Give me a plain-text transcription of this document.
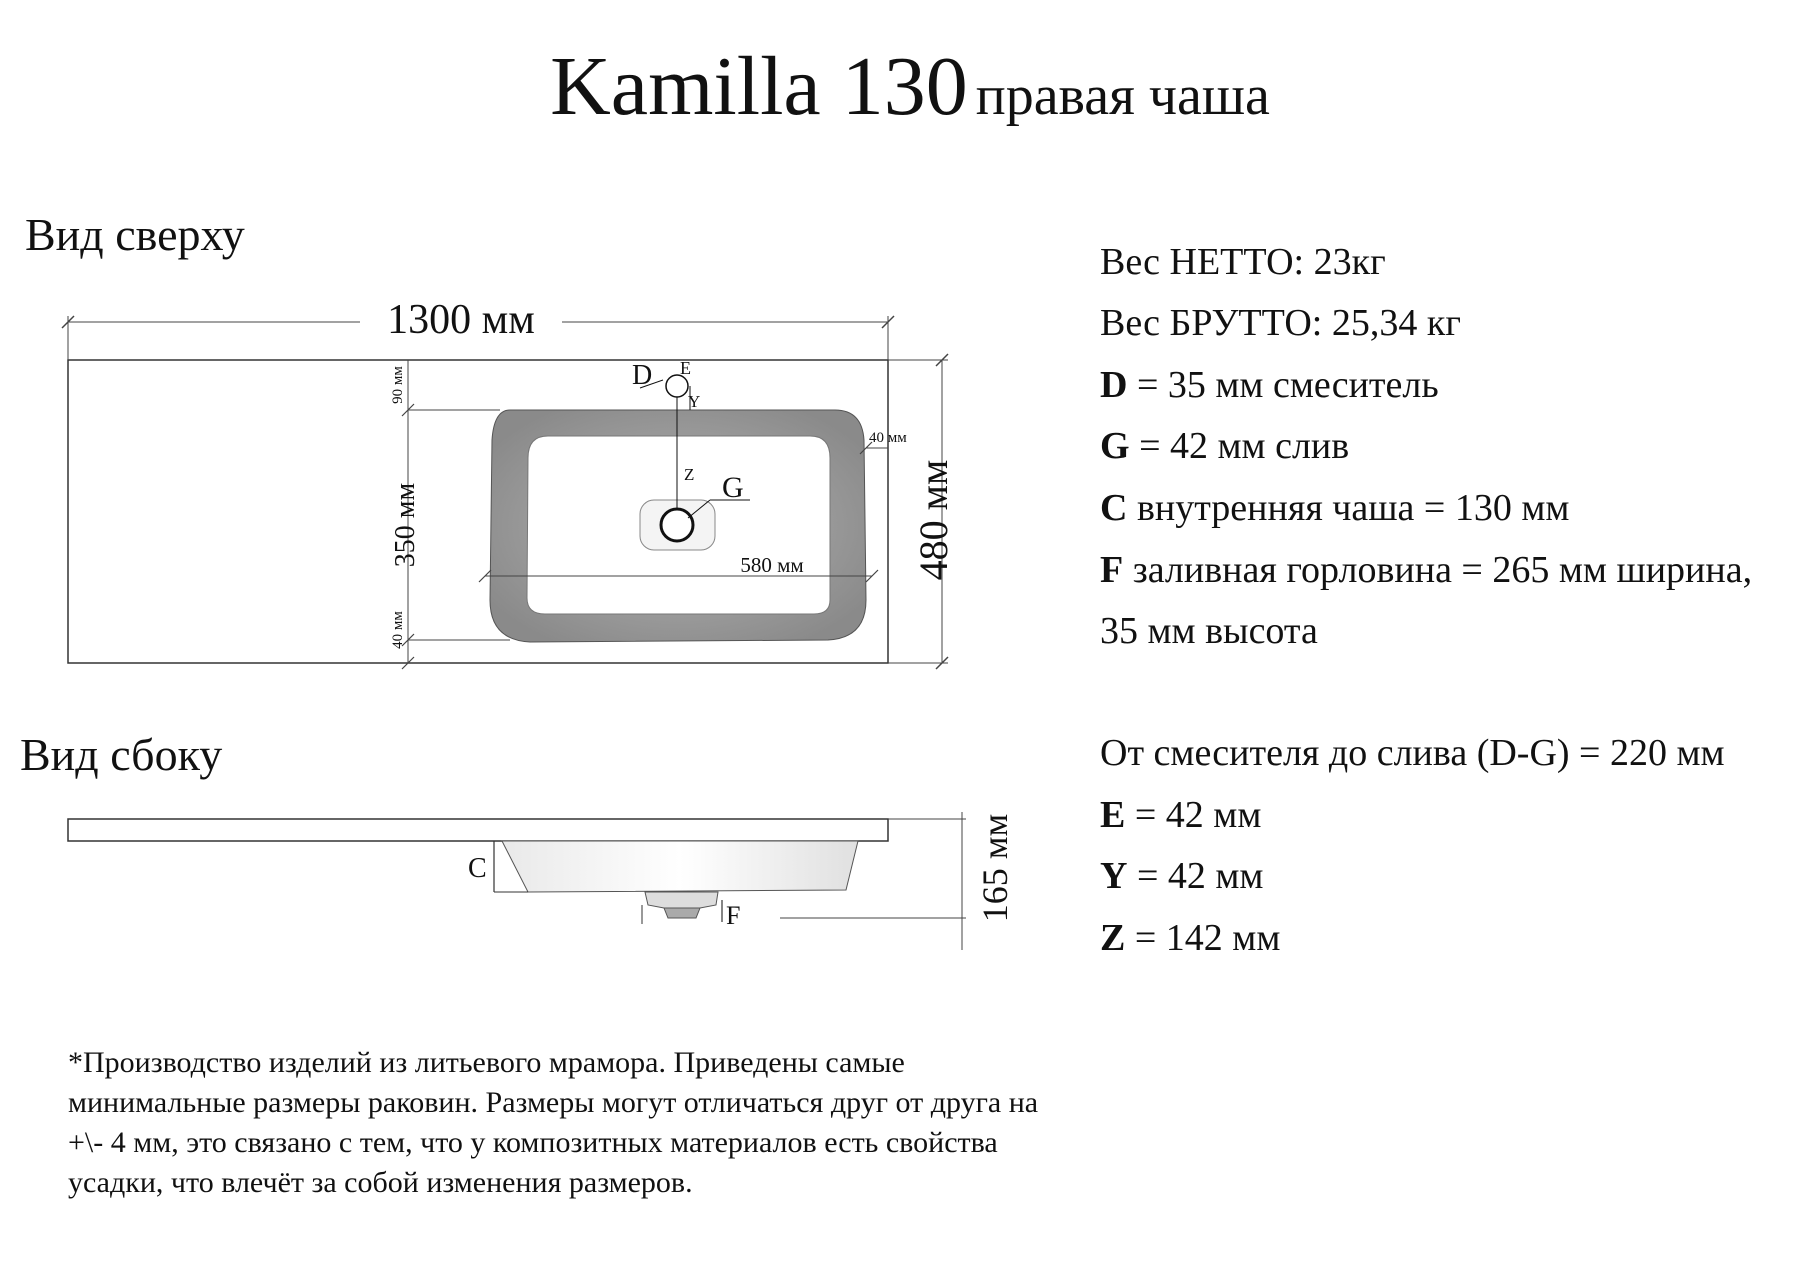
Kamilla 130 правая чаша
Вид сверху
Вид сбоку
D E
Y
Z G
1300 мм
480 мм
40 мм
90 мм
350 мм
40 мм
580 мм
C
F	165 мм
Вес НЕТТО: 23кг
Вес БРУТТО: 25,34 кг
D = 35 мм смеситель
G = 42 мм слив
C внутренняя чаша = 130 мм
F заливная горловина = 265 мм ширина,
35 мм высота
От смесителя до слива (D-G) = 220 мм
E = 42 мм
Y = 42 мм
Z = 142 мм
*Производство изделий из литьевого мрамора. Приведены самые минимальные размеры раковин. Размеры могут отличаться друг от друга на +\- 4 мм, это связано с тем, что у композитных материалов есть свойства усадки, что влечёт за собой изменения размеров.
